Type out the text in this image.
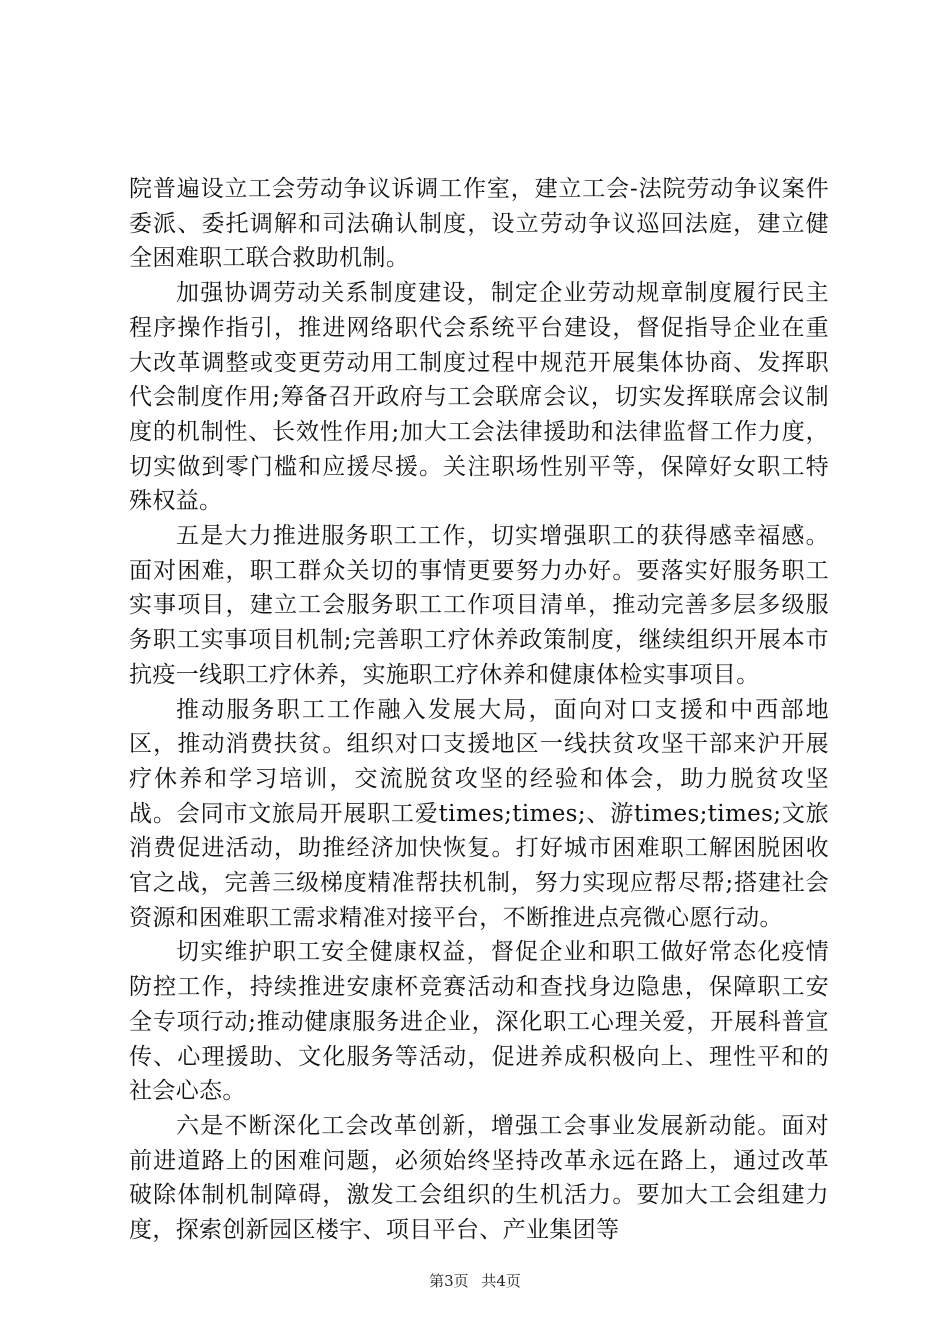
院普遍设立工会劳动争议诉调工作室，建立工会-法院劳动争议案件委派、委托调解和司法确认制度，设立劳动争议巡回法庭，建立健全困难职工联合救助机制。

加强协调劳动关系制度建设，制定企业劳动规章制度履行民主程序操作指引，推进网络职代会系统平台建设，督促指导企业在重大改革调整或变更劳动用工制度过程中规范开展集体协商、发挥职代会制度作用;筹备召开政府与工会联席会议，切实发挥联席会议制度的机制性、长效性作用;加大工会法律援助和法律监督工作力度，切实做到零门槛和应援尽援。关注职场性别平等，保障好女职工特殊权益。

五是大力推进服务职工工作，切实增强职工的获得感幸福感。面对困难，职工群众关切的事情更要努力办好。要落实好服务职工实事项目，建立工会服务职工工作项目清单，推动完善多层多级服务职工实事项目机制;完善职工疗休养政策制度，继续组织开展本市抗疫一线职工疗休养，实施职工疗休养和健康体检实事项目。

推动服务职工工作融入发展大局，面向对口支援和中西部地区，推动消费扶贫。组织对口支援地区一线扶贫攻坚干部来沪开展疗休养和学习培训，交流脱贫攻坚的经验和体会，助力脱贫攻坚战。会同市文旅局开展职工爱times;times;、游times;times;文旅消费促进活动，助推经济加快恢复。打好城市困难职工解困脱困收官之战，完善三级梯度精准帮扶机制，努力实现应帮尽帮;搭建社会资源和困难职工需求精准对接平台，不断推进点亮微心愿行动。

切实维护职工安全健康权益，督促企业和职工做好常态化疫情防控工作，持续推进安康杯竞赛活动和查找身边隐患，保障职工安全专项行动;推动健康服务进企业，深化职工心理关爱，开展科普宣传、心理援助、文化服务等活动，促进养成积极向上、理性平和的社会心态。

六是不断深化工会改革创新，增强工会事业发展新动能。面对前进道路上的困难问题，必须始终坚持改革永远在路上，通过改革破除体制机制障碍，激发工会组织的生机活力。要加大工会组建力度，探索创新园区楼宇、项目平台、产业集团等

第3页 共4页
